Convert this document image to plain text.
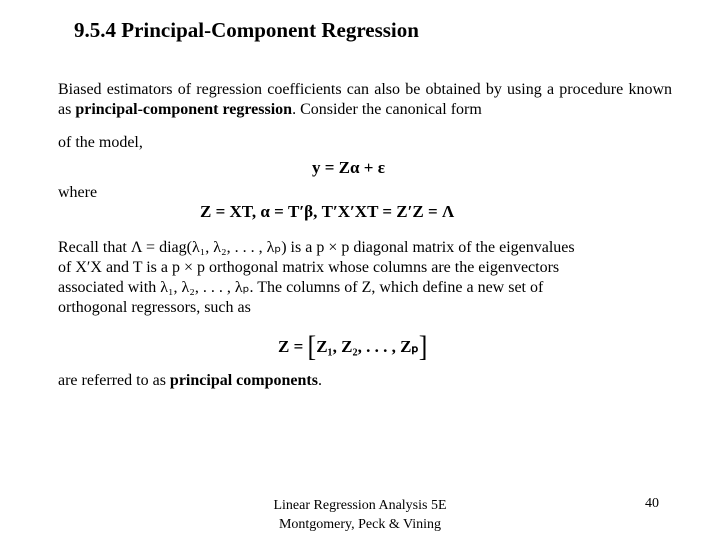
9.5.4 Principal-Component Regression
Biased estimators of regression coefficients can also be obtained by using a procedure known as principal-component regression. Consider the canonical form
of the model,
y = Zα + ε
where
Z = XT, α = T′β, T′X′XT = Z′Z = Λ
Recall that Λ = diag(λ₁, λ₂, . . . , λₚ) is a p × p diagonal matrix of the eigenvalues
of X′X and T is a p × p orthogonal matrix whose columns are the eigenvectors
associated with λ₁, λ₂, . . . , λₚ. The columns of Z, which define a new set of
orthogonal regressors, such as
Z = [Z₁, Z₂, . . . , Zₚ]
are referred to as principal components.
Linear Regression Analysis 5E
Montgomery, Peck & Vining
40
